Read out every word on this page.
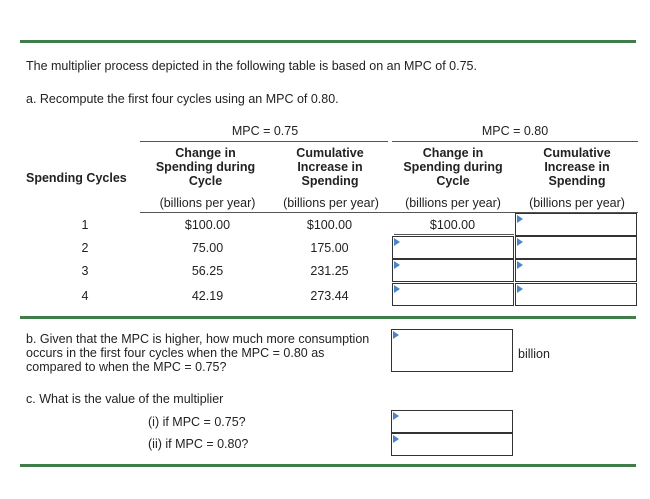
The multiplier process depicted in the following table is based on an MPC of 0.75.
a. Recompute the first four cycles using an MPC of 0.80.
MPC = 0.75	MPC = 0.80
Spending Cycles
Change in
Spending during
Cycle
Cumulative
Increase in
Spending
Change in
Spending during
Cycle
Cumulative
Increase in
Spending
(billions per year)	(billions per year)	(billions per year)	(billions per year)
1	$100.00	$100.00	$100.00
2	75.00	175.00
3	56.25	231.25
4	42.19	273.44
b. Given that the MPC is higher, how much more consumption
occurs in the first four cycles when the MPC = 0.80 as
compared to when the MPC = 0.75?
billion
c. What is the value of the multiplier
(i) if MPC = 0.75?
(ii) if MPC = 0.80?
